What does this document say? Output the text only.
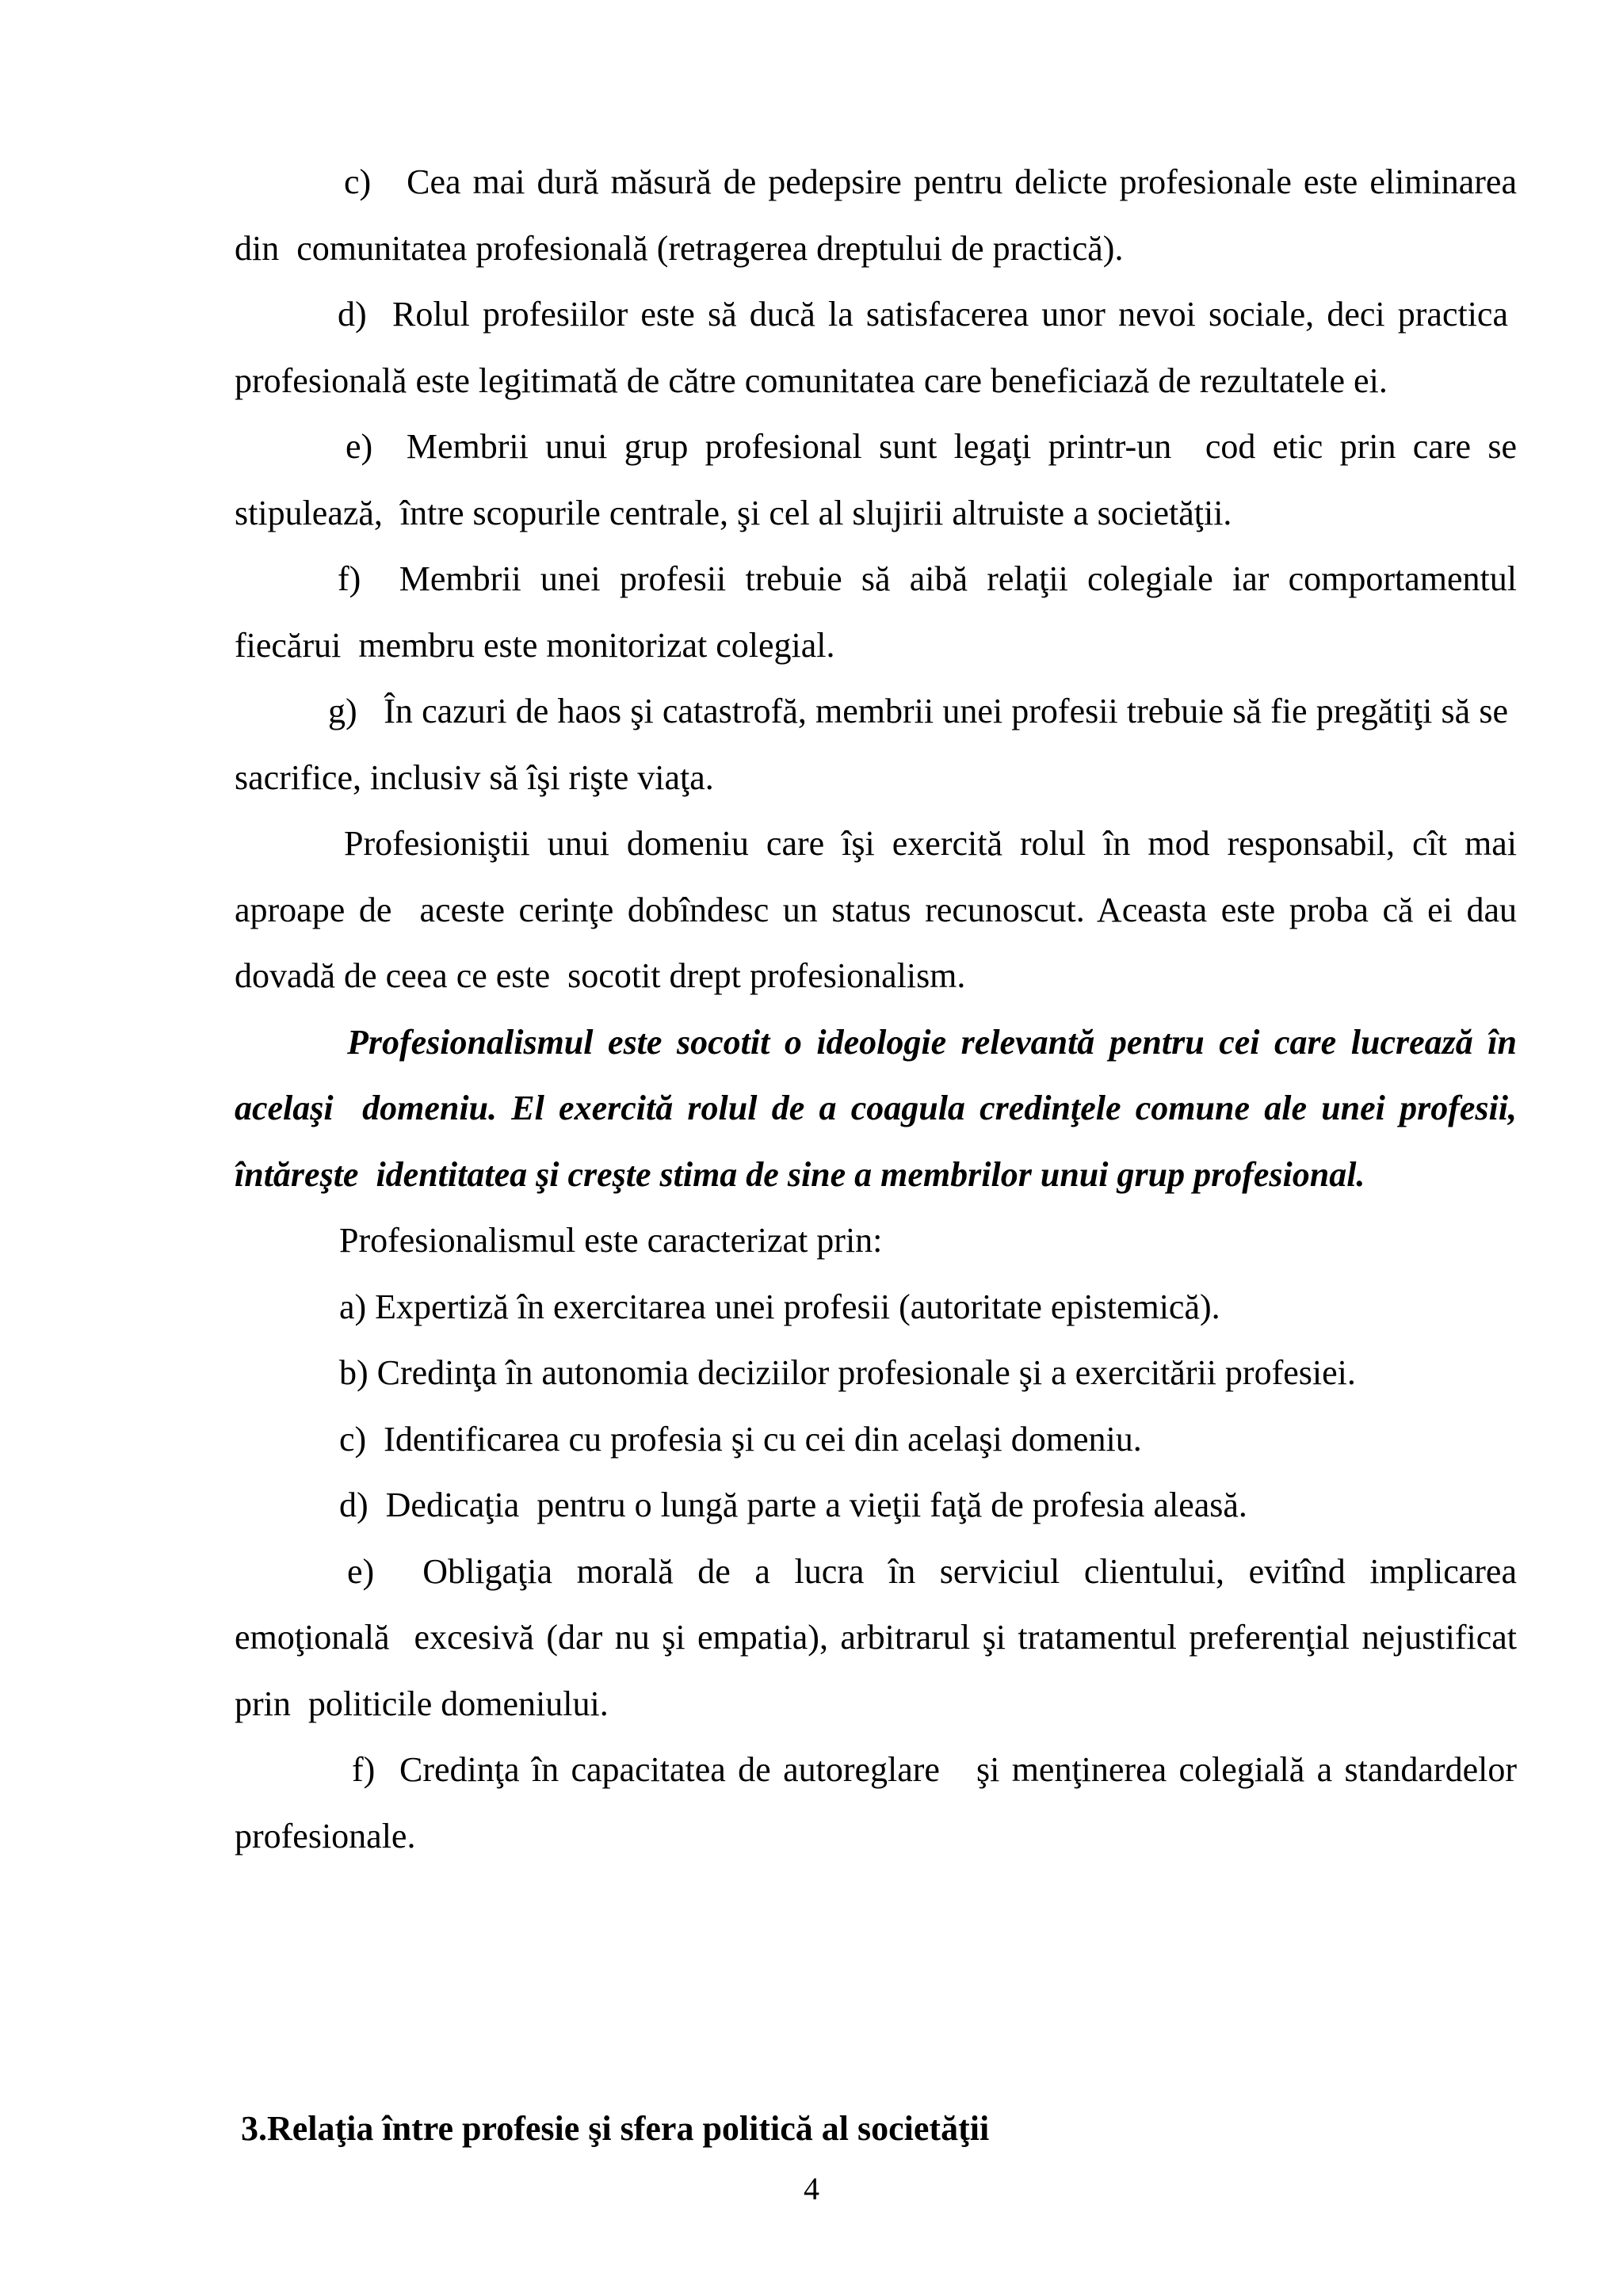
c)   Cea mai dură măsură de pedepsire pentru delicte profesionale este eliminarea din  comunitatea profesională (retragerea dreptului de practică).

d)  Rolul profesiilor este să ducă la satisfacerea unor nevoi sociale, deci practica  profesională este legitimată de către comunitatea care beneficiază de rezultatele ei.

e)  Membrii unui grup profesional sunt legaţi printr-un  cod etic prin care se stipulează,  între scopurile centrale, şi cel al slujirii altruiste a societăţii.

f)  Membrii unei profesii trebuie să aibă relaţii colegiale iar comportamentul fiecărui  membru este monitorizat colegial.

g)   În cazuri de haos şi catastrofă, membrii unei profesii trebuie să fie pregătiţi să se  sacrifice, inclusiv să îşi rişte viaţa.

Profesioniştii unui domeniu care îşi exercită rolul în mod responsabil, cît mai aproape de  aceste cerinţe dobîndesc un status recunoscut. Aceasta este proba că ei dau dovadă de ceea ce este  socotit drept profesionalism.

Profesionalismul este socotit o ideologie relevantă pentru cei care lucrează în acelaşi  domeniu. El exercită rolul de a coagula credinţele comune ale unei profesii, întăreşte  identitatea şi creşte stima de sine a membrilor unui grup profesional.

Profesionalismul este caracterizat prin:

a) Expertiză în exercitarea unei profesii (autoritate epistemică).

b) Credinţa în autonomia deciziilor profesionale şi a exercitării profesiei.

c)  Identificarea cu profesia şi cu cei din acelaşi domeniu.

d)  Dedicaţia  pentru o lungă parte a vieţii faţă de profesia aleasă.

e)  Obligaţia morală de a lucra în serviciul clientului, evitînd implicarea emoţională  excesivă (dar nu şi empatia), arbitrarul şi tratamentul preferenţial nejustificat prin  politicile domeniului.

f)  Credinţa în capacitatea de autoreglare   şi menţinerea colegială a standardelor profesionale.

3.Relaţia între profesie şi sfera politică al societăţii

4
